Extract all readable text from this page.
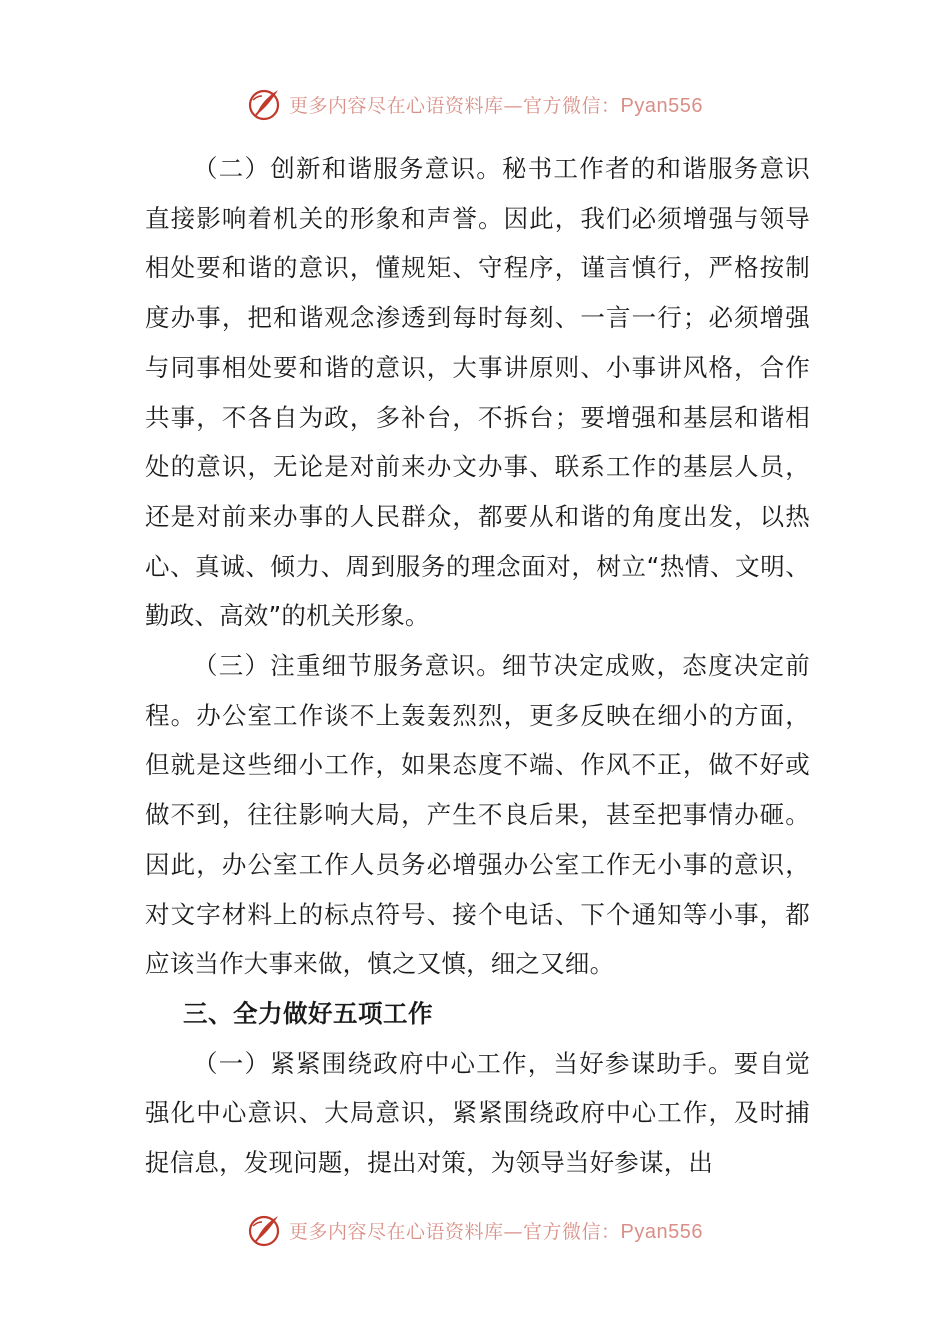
更多内容尽在心语资料库—官方微信：Pyan556

（二）创新和谐服务意识。秘书工作者的和谐服务意识直接影响着机关的形象和声誉。因此，我们必须增强与领导相处要和谐的意识，懂规矩、守程序，谨言慎行，严格按制度办事，把和谐观念渗透到每时每刻、一言一行；必须增强与同事相处要和谐的意识，大事讲原则、小事讲风格，合作共事，不各自为政，多补台，不拆台；要增强和基层和谐相处的意识，无论是对前来办文办事、联系工作的基层人员，还是对前来办事的人民群众，都要从和谐的角度出发，以热心、真诚、倾力、周到服务的理念面对，树立“热情、文明、勤政、高效”的机关形象。

（三）注重细节服务意识。细节决定成败，态度决定前程。办公室工作谈不上轰轰烈烈，更多反映在细小的方面，但就是这些细小工作，如果态度不端、作风不正，做不好或做不到，往往影响大局，产生不良后果，甚至把事情办砸。因此，办公室工作人员务必增强办公室工作无小事的意识，对文字材料上的标点符号、接个电话、下个通知等小事，都应该当作大事来做，慎之又慎，细之又细。

三、全力做好五项工作

（一）紧紧围绕政府中心工作，当好参谋助手。要自觉强化中心意识、大局意识，紧紧围绕政府中心工作，及时捕捉信息，发现问题，提出对策，为领导当好参谋，出

更多内容尽在心语资料库—官方微信：Pyan556
